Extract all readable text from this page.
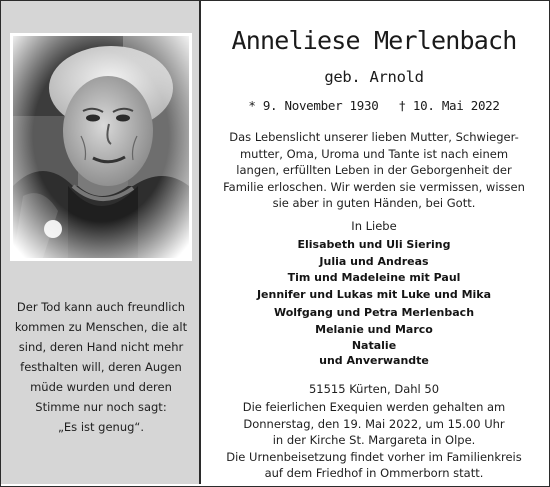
Der Tod kann auch freundlich
kommen zu Menschen, die alt
sind, deren Hand nicht mehr
festhalten will, deren Augen
müde wurden und deren
Stimme nur noch sagt:
„Es ist genug“.
Anneliese Merlenbach
geb. Arnold
* 9. November 1930 † 10. Mai 2022
Das Lebenslicht unserer lieben Mutter, Schwieger-
mutter, Oma, Uroma und Tante ist nach einem
langen, erfüllten Leben in der Geborgenheit der
Familie erloschen. Wir werden sie vermissen, wissen
sie aber in guten Händen, bei Gott.
In Liebe
Elisabeth und Uli Siering
Julia und Andreas
Tim und Madeleine mit Paul
Jennifer und Lukas mit Luke und Mika
Wolfgang und Petra Merlenbach
Melanie und Marco
Natalie
und Anverwandte
51515 Kürten, Dahl 50
Die feierlichen Exequien werden gehalten am
Donnerstag, den 19. Mai 2022, um 15.00 Uhr
in der Kirche St. Margareta in Olpe.
Die Urnenbeisetzung findet vorher im Familienkreis
auf dem Friedhof in Ommerborn statt.
